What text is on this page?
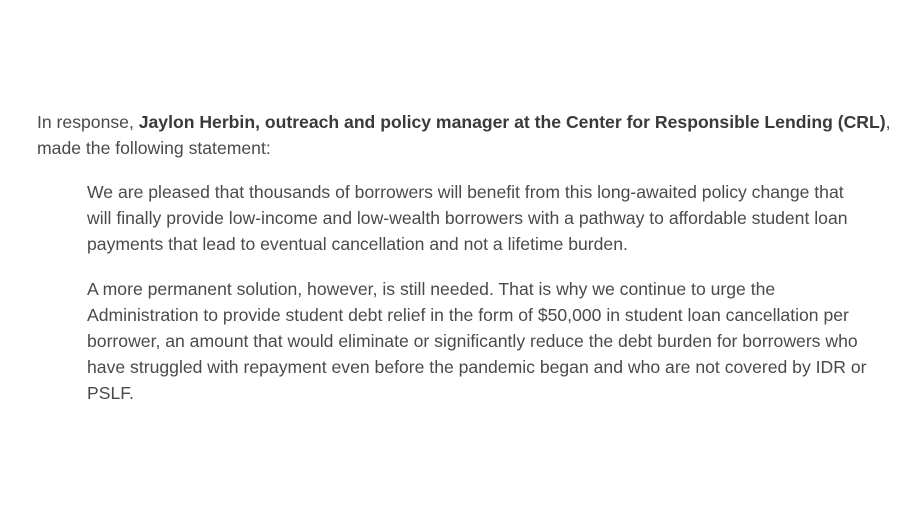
In response, Jaylon Herbin, outreach and policy manager at the Center for Responsible Lending (CRL), made the following statement:

We are pleased that thousands of borrowers will benefit from this long-awaited policy change that will finally provide low-income and low-wealth borrowers with a pathway to affordable student loan payments that lead to eventual cancellation and not a lifetime burden.

A more permanent solution, however, is still needed. That is why we continue to urge the Administration to provide student debt relief in the form of $50,000 in student loan cancellation per borrower, an amount that would eliminate or significantly reduce the debt burden for borrowers who have struggled with repayment even before the pandemic began and who are not covered by IDR or PSLF.
